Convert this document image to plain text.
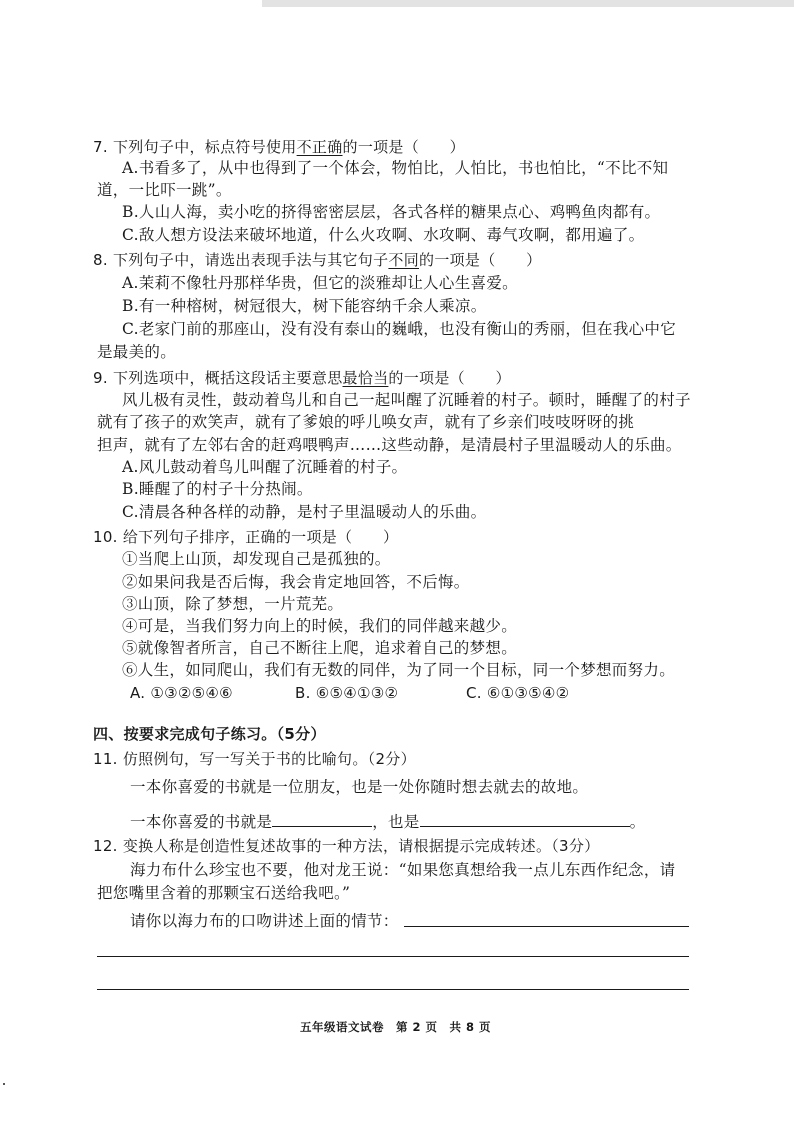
7. 下列句子中，标点符号使用不正确的一项是（　　）
A.书看多了，从中也得到了一个体会，物怕比，人怕比，书也怕比，“不比不知
道，一比吓一跳”。
B.人山人海，卖小吃的挤得密密层层，各式各样的糖果点心、鸡鸭鱼肉都有。
C.敌人想方设法来破坏地道，什么火攻啊、水攻啊、毒气攻啊，都用遍了。
8. 下列句子中，请选出表现手法与其它句子不同的一项是（　　）
A.茉莉不像牡丹那样华贵，但它的淡雅却让人心生喜爱。
B.有一种榕树，树冠很大，树下能容纳千余人乘凉。
C.老家门前的那座山，没有没有泰山的巍峨，也没有衡山的秀丽，但在我心中它
是最美的。
9. 下列选项中，概括这段话主要意思最恰当的一项是（　　）
风儿极有灵性，鼓动着鸟儿和自己一起叫醒了沉睡着的村子。顿时，睡醒了的村子
就有了孩子的欢笑声，就有了爹娘的呼儿唤女声，就有了乡亲们吱吱呀呀的挑
担声，就有了左邻右舍的赶鸡喂鸭声……这些动静，是清晨村子里温暖动人的乐曲。
A.风儿鼓动着鸟儿叫醒了沉睡着的村子。
B.睡醒了的村子十分热闹。
C.清晨各种各样的动静，是村子里温暖动人的乐曲。
10. 给下列句子排序，正确的一项是（　　）
①当爬上山顶，却发现自己是孤独的。
②如果问我是否后悔，我会肯定地回答，不后悔。
③山顶，除了梦想，一片荒芜。
④可是，当我们努力向上的时候，我们的同伴越来越少。
⑤就像智者所言，自己不断往上爬，追求着自己的梦想。
⑥人生，如同爬山，我们有无数的同伴，为了同一个目标，同一个梦想而努力。
A. ①③②⑤④⑥	B. ⑥⑤④①③②	C. ⑥①③⑤④②
四、按要求完成句子练习。（5分）
11. 仿照例句，写一写关于书的比喻句。（2分）
一本你喜爱的书就是一位朋友，也是一处你随时想去就去的故地。
一本你喜爱的书就是	，也是	。
12. 变换人称是创造性复述故事的一种方法，请根据提示完成转述。（3分）
海力布什么珍宝也不要，他对龙王说：“如果您真想给我一点儿东西作纪念，请
把您嘴里含着的那颗宝石送给我吧。”
请你以海力布的口吻讲述上面的情节：
五年级语文试卷　第 2 页　共 8 页
